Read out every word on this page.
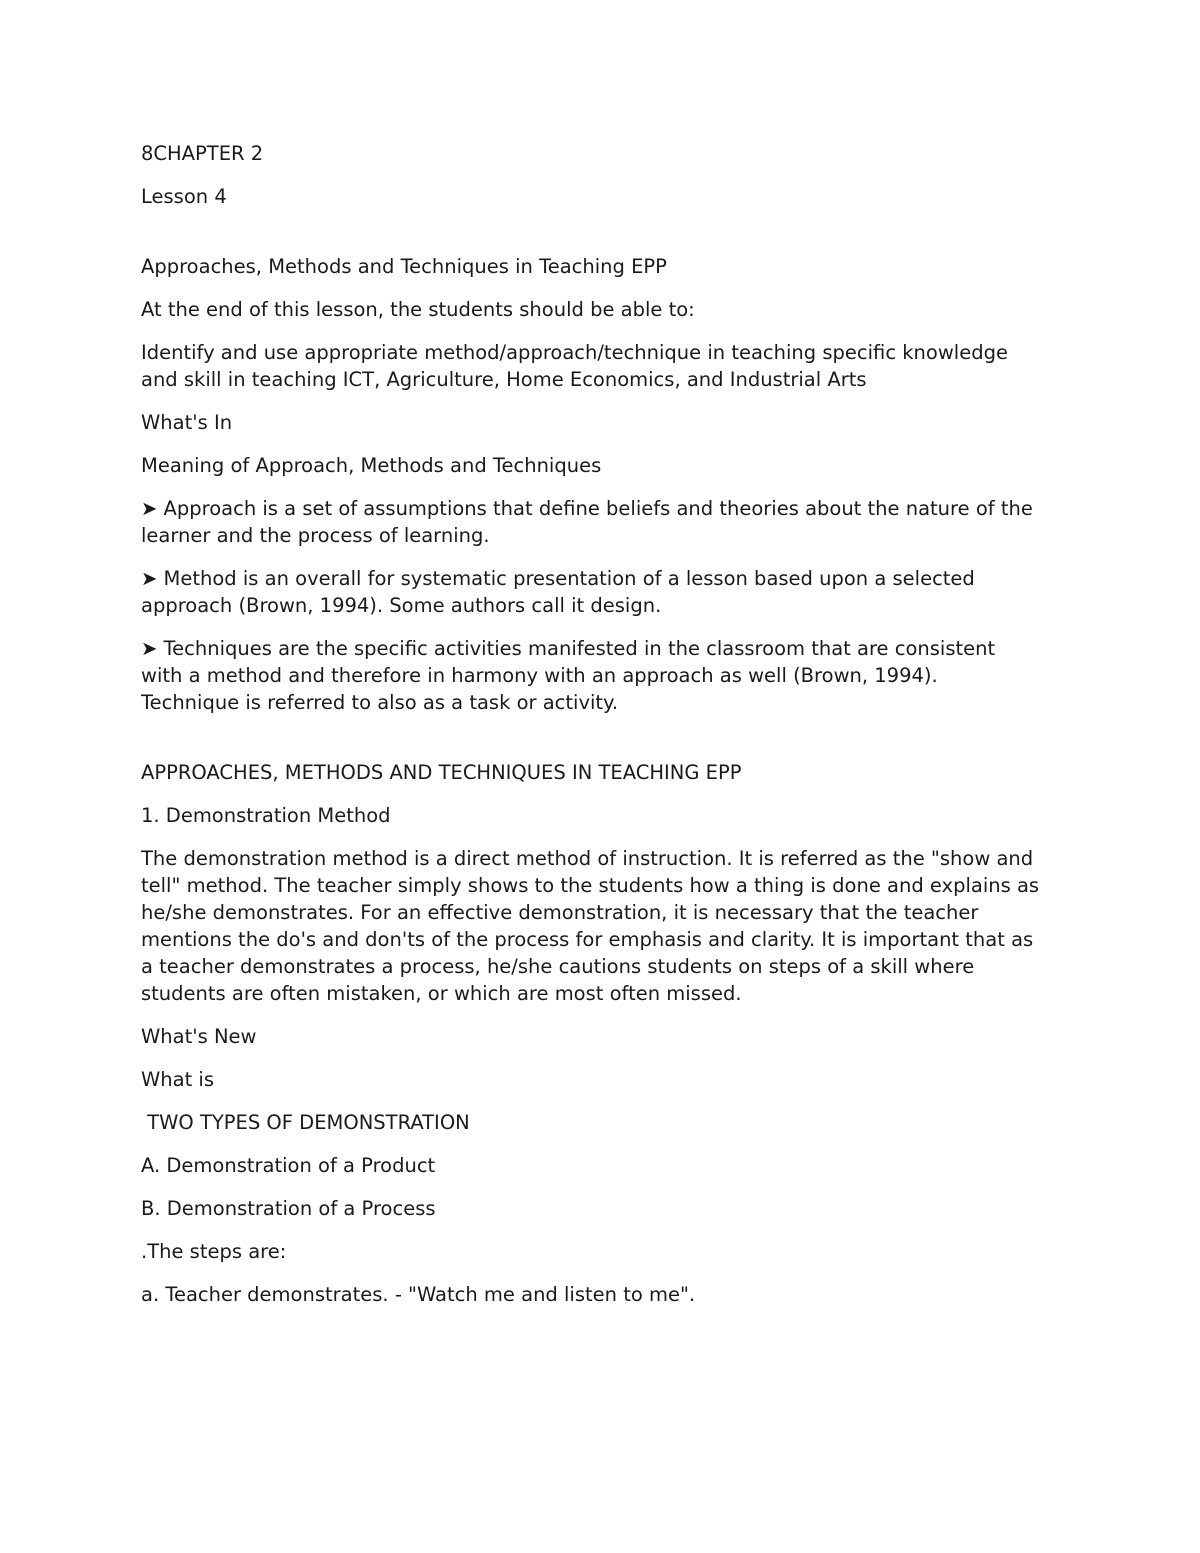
8CHAPTER 2

Lesson 4

Approaches, Methods and Techniques in Teaching EPP

At the end of this lesson, the students should be able to:

Identify and use appropriate method/approach/technique in teaching specific knowledge and skill in teaching ICT, Agriculture, Home Economics, and Industrial Arts

What's In

Meaning of Approach, Methods and Techniques

➤ Approach is a set of assumptions that define beliefs and theories about the nature of the learner and the process of learning.

➤ Method is an overall for systematic presentation of a lesson based upon a selected approach (Brown, 1994). Some authors call it design.

➤ Techniques are the specific activities manifested in the classroom that are consistent with a method and therefore in harmony with an approach as well (Brown, 1994). Technique is referred to also as a task or activity.

APPROACHES, METHODS AND TECHNIQUES IN TEACHING EPP

1. Demonstration Method

The demonstration method is a direct method of instruction. It is referred as the "show and tell" method. The teacher simply shows to the students how a thing is done and explains as he/she demonstrates. For an effective demonstration, it is necessary that the teacher mentions the do's and don'ts of the process for emphasis and clarity. It is important that as a teacher demonstrates a process, he/she cautions students on steps of a skill where students are often mistaken, or which are most often missed.

What's New

What is

TWO TYPES OF DEMONSTRATION

A. Demonstration of a Product

B. Demonstration of a Process

.The steps are:

a. Teacher demonstrates. - "Watch me and listen to me".
